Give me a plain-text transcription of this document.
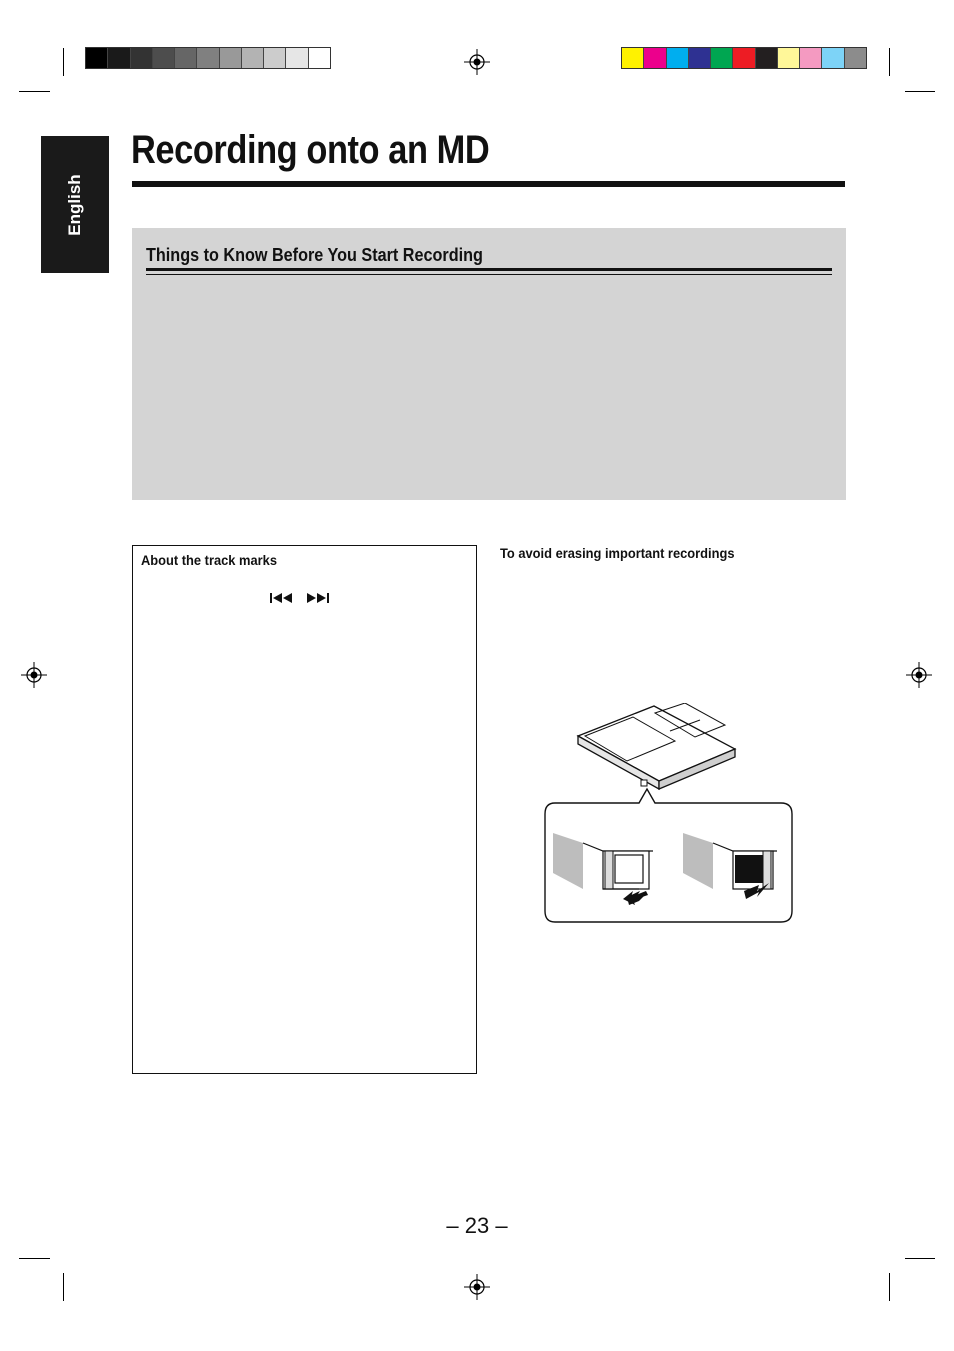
English
Recording onto an MD
Things to Know Before You Start Recording
About the track marks	To avoid erasing important recordings
– 23 –
